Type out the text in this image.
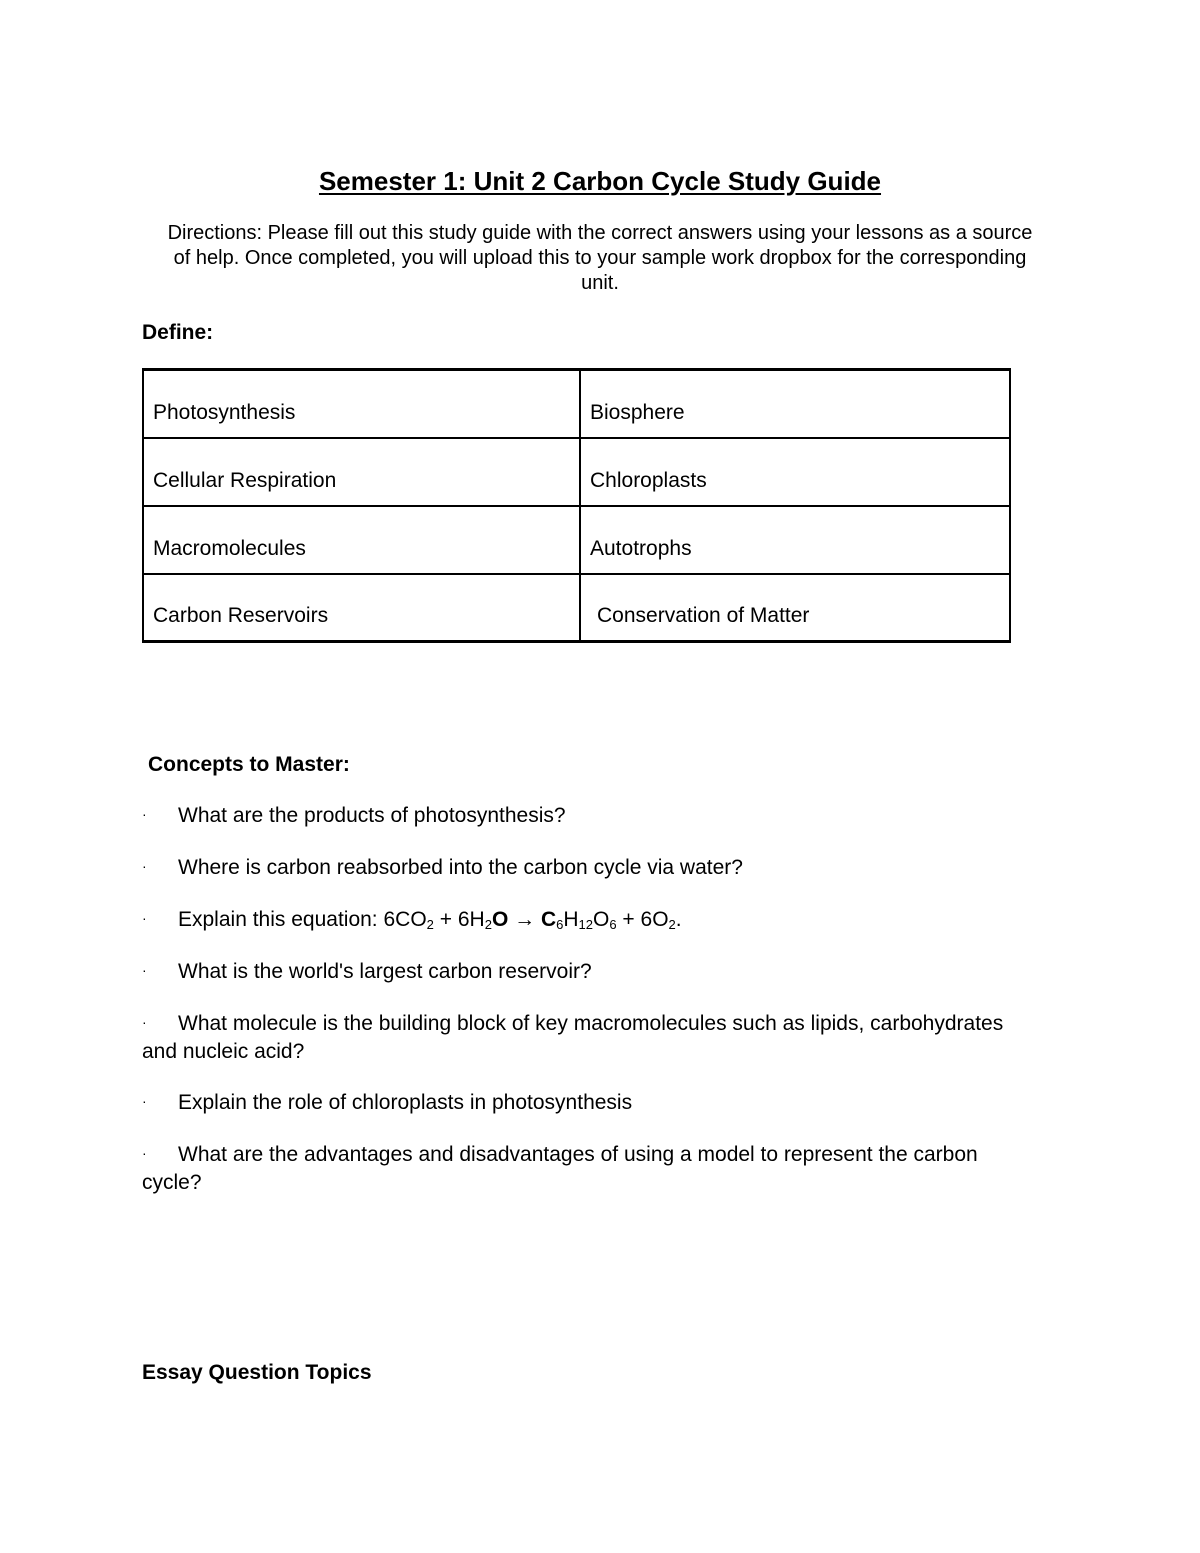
Semester 1: Unit 2 Carbon Cycle Study Guide

Directions: Please fill out this study guide with the correct answers using your lessons as a source of help. Once completed, you will upload this to your sample work dropbox for the corresponding unit.

Define:
Photosynthesis	Biosphere

Cellular Respiration	Chloroplasts

Macromolecules	Autotrophs

Carbon Reservoirs	Conservation of Matter
Concepts to Master:
· What are the products of photosynthesis?
· Where is carbon reabsorbed into the carbon cycle via water?
· Explain this equation: $6CO_2 + 6H_2O \to C_6H_{12}O_6 + 6O_2$.
· What is the world's largest carbon reservoir?
· What molecule is the building block of key macromolecules such as lipids, carbohydrates and nucleic acid?
· Explain the role of chloroplasts in photosynthesis
· What are the advantages and disadvantages of using a model to represent the carbon cycle?
Essay Question Topics
